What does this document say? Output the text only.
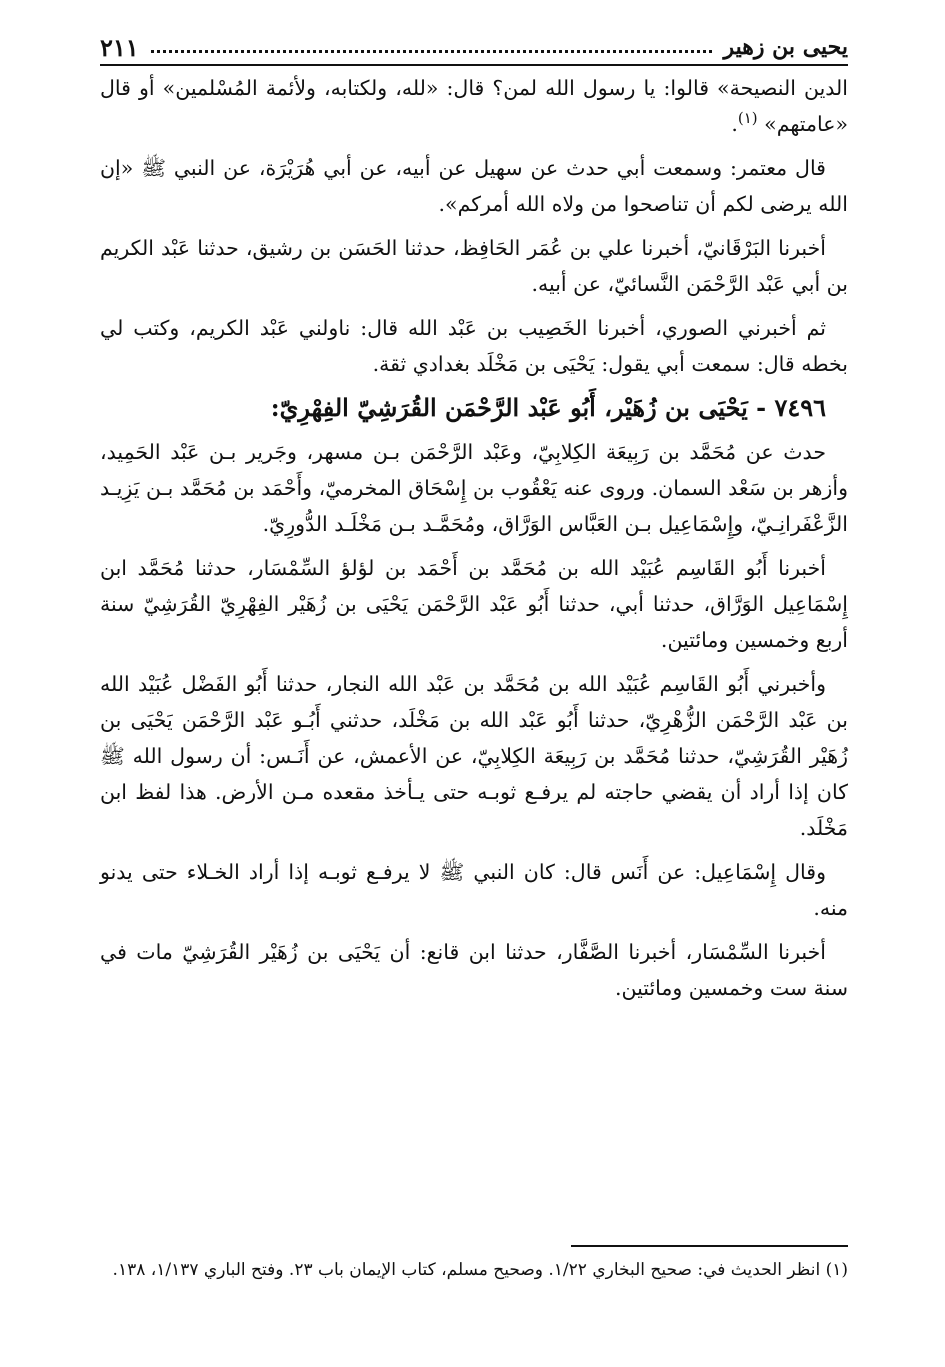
يحيى بن زهير
٢١١

الدين النصيحة» قالوا: يا رسول الله لمن؟ قال: «لله، ولكتابه، ولأئمة المُسْلمين» أو قال «عامتهم» $^{(١)}$.

قال معتمر: وسمعت أبي حدث عن سهيل عن أبيه، عن أبي هُرَيْرَة، عن النبي ﷺ «إن الله يرضى لكم أن تناصحوا من ولاه الله أمركم».

أخبرنا البَرْقَانيّ، أخبرنا علي بن عُمَر الحَافِظ، حدثنا الحَسَن بن رشيق، حدثنا عَبْد الكريم بن أبي عَبْد الرَّحْمَن النَّسائيّ، عن أبيه.

ثم أخبرني الصوري، أخبرنا الخَصِيب بن عَبْد الله قال: ناولني عَبْد الكريم، وكتب لي بخطه قال: سمعت أبي يقول: يَحْيَى بن مَخْلَد بغدادي ثقة.

٧٤٩٦ - يَحْيَى بن زُهَيْر، أَبُو عَبْد الرَّحْمَن القُرَشِيّ الفِهْرِيّ:

حدث عن مُحَمَّد بن رَبِيعَة الكِلابِيّ، وعَبْد الرَّحْمَن بـن مسهر، وجَرير بـن عَبْد الحَمِيد، وأزهر بن سَعْد السمان. وروى عنه يَعْقُوب بن إِسْحَاق المخرميّ، وأَحْمَد بن مُحَمَّد بـن يَزِيـد الزَّعْفَرانِـيّ، وإِسْمَاعِيل بـن العَبَّاس الوَرَّاق، ومُحَمَّـد بـن مَخْلَـد الدُّورِيّ.

أخبرنا أَبُو القَاسِم عُبَيْد الله بن مُحَمَّد بن أَحْمَد بن لؤلؤ السِّمْسَار، حدثنا مُحَمَّد ابن إِسْمَاعِيل الوَرَّاق، حدثنا أبي، حدثنا أَبُو عَبْد الرَّحْمَن يَحْيَى بن زُهَيْر الفِهْرِيّ القُرَشِيّ سنة أربع وخمسين ومائتين.

وأخبرني أَبُو القَاسِم عُبَيْد الله بن مُحَمَّد بن عَبْد الله النجار، حدثنا أَبُو الفَضْل عُبَيْد الله بن عَبْد الرَّحْمَن الزُّهْرِيّ، حدثنا أَبُو عَبْد الله بن مَخْلَد، حدثني أَبُـو عَبْد الرَّحْمَن يَحْيَى بن زُهَيْر القُرَشِيّ، حدثنا مُحَمَّد بن رَبِيعَة الكِلابِيّ، عن الأعمش، عن أَنَـس: أن رسول الله ﷺ كان إذا أراد أن يقضي حاجته لم يرفـع ثوبـه حتى يـأخذ مقعده مـن الأرض. هذا لفظ ابن مَخْلَد.

وقال إِسْمَاعِيل: عن أَنَس قال: كان النبي ﷺ لا يرفـع ثوبـه إذا أراد الخـلاء حتى يدنو منه.

أخبرنا السِّمْسَار، أخبرنا الصَّفَّار، حدثنا ابن قانع: أن يَحْيَى بن زُهَيْر القُرَشِيّ مات في سنة ست وخمسين ومائتين.

(١) انظر الحديث في: صحيح البخاري ١/٢٢. وصحيح مسلم، كتاب الإيمان باب ٢٣. وفتح الباري ١/١٣٧، ١٣٨.
